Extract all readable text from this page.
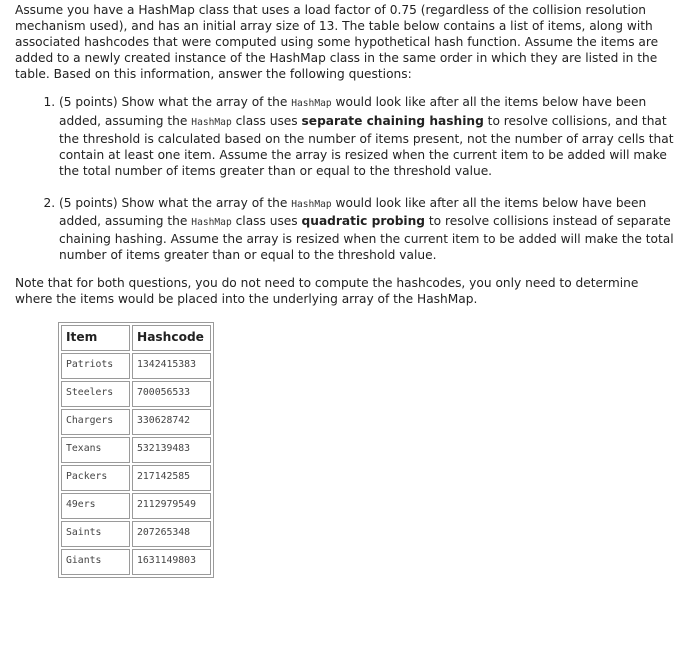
Assume you have a HashMap class that uses a load factor of 0.75 (regardless of the collision resolution mechanism used), and has an initial array size of 13. The table below contains a list of items, along with associated hashcodes that were computed using some hypothetical hash function. Assume the items are added to a newly created instance of the HashMap class in the same order in which they are listed in the table. Based on this information, answer the following questions:

1. (5 points) Show what the array of the HashMap would look like after all the items below have been added, assuming the HashMap class uses separate chaining hashing to resolve collisions, and that the threshold is calculated based on the number of items present, not the number of array cells that contain at least one item. Assume the array is resized when the current item to be added will make the total number of items greater than or equal to the threshold value.
2. (5 points) Show what the array of the HashMap would look like after all the items below have been added, assuming the HashMap class uses quadratic probing to resolve collisions instead of separate chaining hashing. Assume the array is resized when the current item to be added will make the total number of items greater than or equal to the threshold value.

Note that for both questions, you do not need to compute the hashcodes, you only need to determine where the items would be placed into the underlying array of the HashMap.

Item	Hashcode
Patriots	1342415383
Steelers	700056533
Chargers	330628742
Texans	532139483
Packers	217142585
49ers	2112979549
Saints	207265348
Giants	1631149803
